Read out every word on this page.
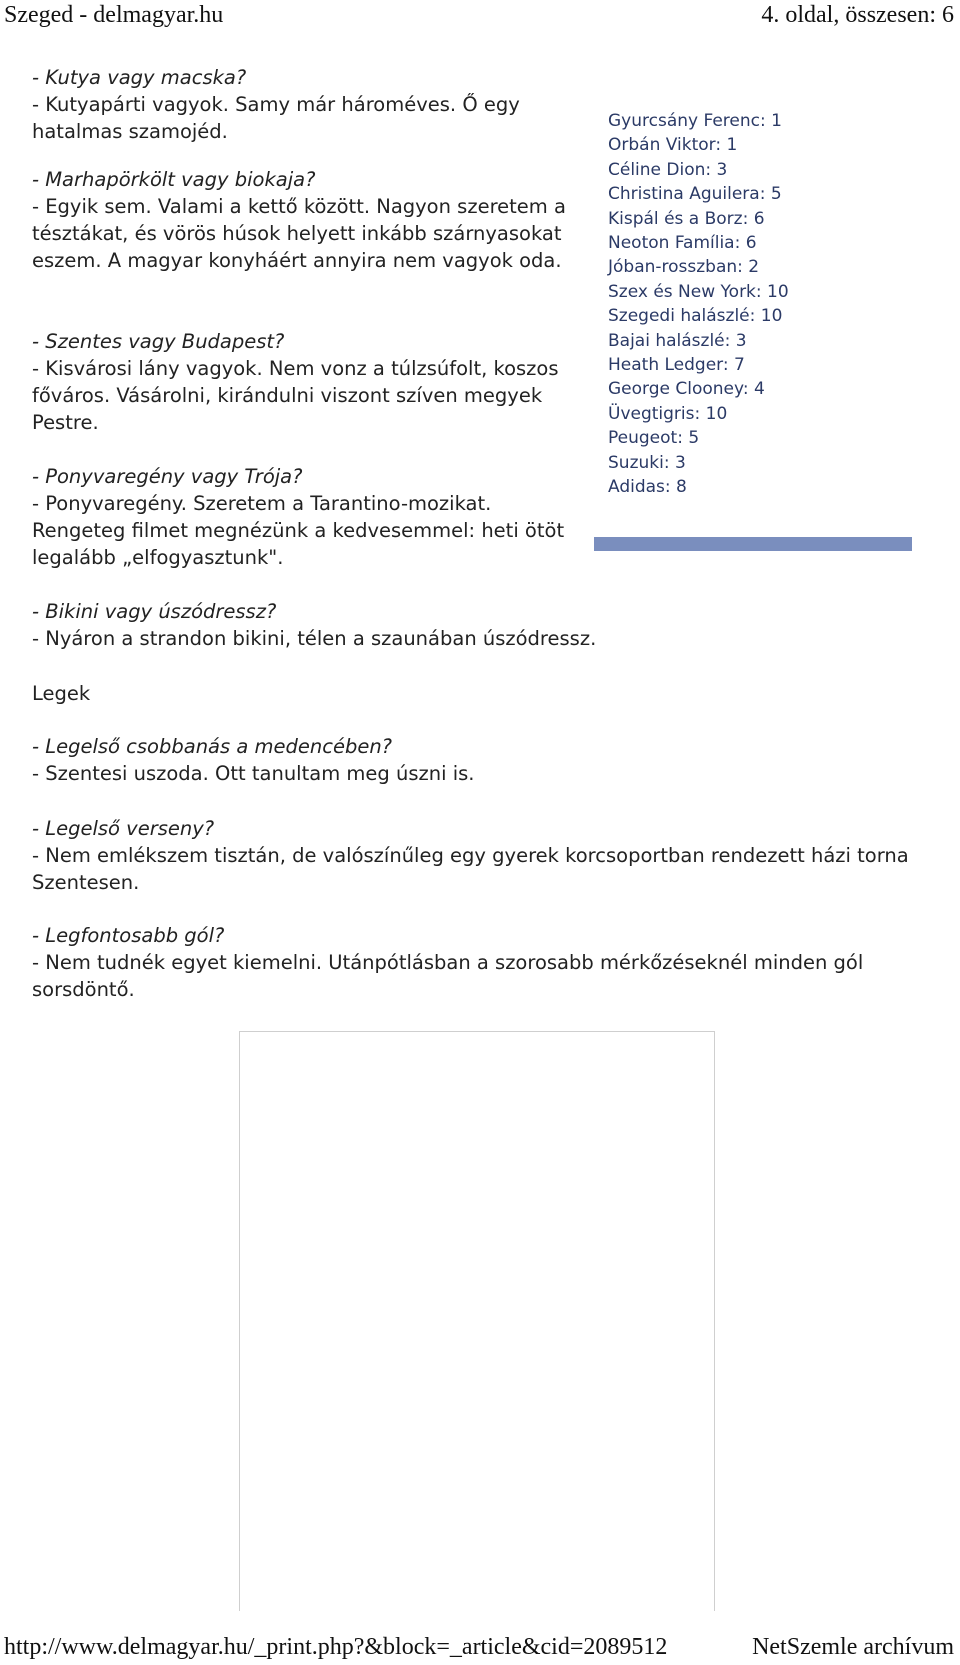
Szeged - delmagyar.hu	4. oldal, összesen: 6

- Kutya vagy macska?

- Kutyapárti vagyok. Samy már hároméves. Ő egy hatalmas szamojéd.

- Marhapörkölt vagy biokaja?

- Egyik sem. Valami a kettő között. Nagyon szeretem a tésztákat, és vörös húsok helyett inkább szárnyasokat eszem. A magyar konyháért annyira nem vagyok oda.

- Szentes vagy Budapest?

- Kisvárosi lány vagyok. Nem vonz a túlzsúfolt, koszos főváros. Vásárolni, kirándulni viszont szíven megyek Pestre.

- Ponyvaregény vagy Trója?

- Ponyvaregény. Szeretem a Tarantino-mozikat. Rengeteg filmet megnézünk a kedvesemmel: heti ötöt legalább „elfogyasztunk".

- Bikini vagy úszódressz?

- Nyáron a strandon bikini, télen a szaunában úszódressz.

Legek

- Legelső csobbanás a medencében?

- Szentesi uszoda. Ott tanultam meg úszni is.

- Legelső verseny?

- Nem emlékszem tisztán, de valószínűleg egy gyerek korcsoportban rendezett házi torna Szentesen.

- Legfontosabb gól?

- Nem tudnék egyet kiemelni. Utánpótlásban a szorosabb mérkőzéseknél minden gól sorsdöntő.

Gyurcsány Ferenc: 1
Orbán Viktor: 1
Céline Dion: 3
Christina Aguilera: 5
Kispál és a Borz: 6
Neoton Família: 6
Jóban-rosszban: 2
Szex és New York: 10
Szegedi halászlé: 10
Bajai halászlé: 3
Heath Ledger: 7
George Clooney: 4
Üvegtigris: 10
Peugeot: 5
Suzuki: 3
Adidas: 8
http://www.delmagyar.hu/_print.php?&block=_article&cid=2089512	NetSzemle archívum
